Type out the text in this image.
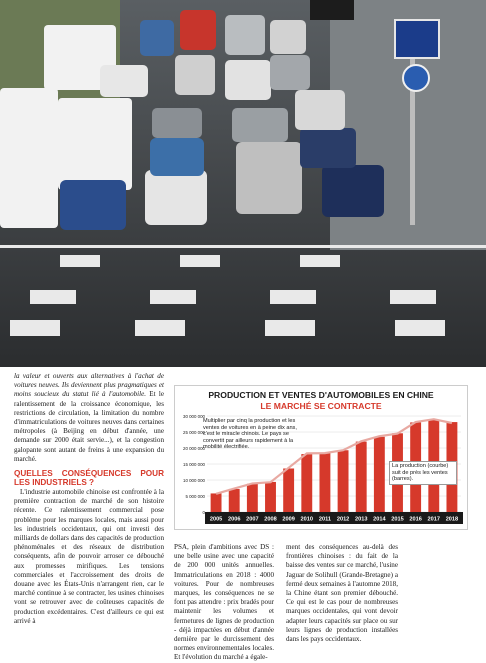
la valeur et ouverts aux alternatives à l'achat de voitures neuves. Ils deviennent plus pragmatiques et moins soucieux du statut lié à l'automobile. Et le ralentissement de la croissance économique, les restrictions de circulation, la limitation du nombre d'immatriculations de voitures neuves dans certaines métropoles (à Beijing en début d'année, une demande sur 2000 était servie...), et la congestion galopante sont autant de freins à une expansion du marché.

QUELLES CONSÉQUENCES POUR LES INDUSTRIELS ?

L'industrie automobile chinoise est confrontée à la première contraction de marché de son histoire récente. Ce ralentissement commercial pose problème pour les marques locales, mais aussi pour les industriels occidentaux, qui ont investi des milliards de dollars dans des capacités de production phénoménales et des réseaux de distribution conséquents, afin de pouvoir arroser ce débouché aux promesses mirifiques. Les tensions commerciales et l'accroissement des droits de douane avec les États-Unis n'arrangent rien, car le marché continue à se contracter, les usines chinoises vont se retrouver avec de coûteuses capacités de production excédentaires. C'est d'ailleurs ce qui est arrivé à

30 000 000
25 000 000
20 000 000
15 000 000
10 000 000
5 000 000
0
2005 2006 2007 2008 2009 2010 2011 2012 2013 2014 2015 2016 2017 2018
PRODUCTION ET VENTES D'AUTOMOBILES EN CHINE
LE MARCHÉ SE CONTRACTE
Multiplier par cinq la production et les ventes de voitures en à peine dix ans, c'est le miracle chinois. Le pays se convertit par ailleurs rapidement à la mobilité électrifiée.
La production (courbe) suit de près les ventes (barres).

PSA, plein d'ambitions avec DS : une belle usine avec une capacité de 200 000 unités annuelles. Immatriculations en 2018 : 4000 voitures. Pour de nombreuses marques, les conséquences ne se font pas attendre : prix bradés pour maintenir les volumes et fermetures de lignes de production - déjà impactées en début d'année dernière par le durcissement des normes environnementales locales. Et l'évolution du marché a égale-

ment des conséquences au-delà des frontières chinoises : du fait de la baisse des ventes sur ce marché, l'usine Jaguar de Solihull (Grande-Bretagne) a fermé deux semaines à l'automne 2018, la Chine étant son premier débouché. Ce qui est le cas pour de nombreuses marques occidentales, qui vont devoir adapter leurs capacités sur place ou sur leurs lignes de production installées dans les pays occidentaux.
